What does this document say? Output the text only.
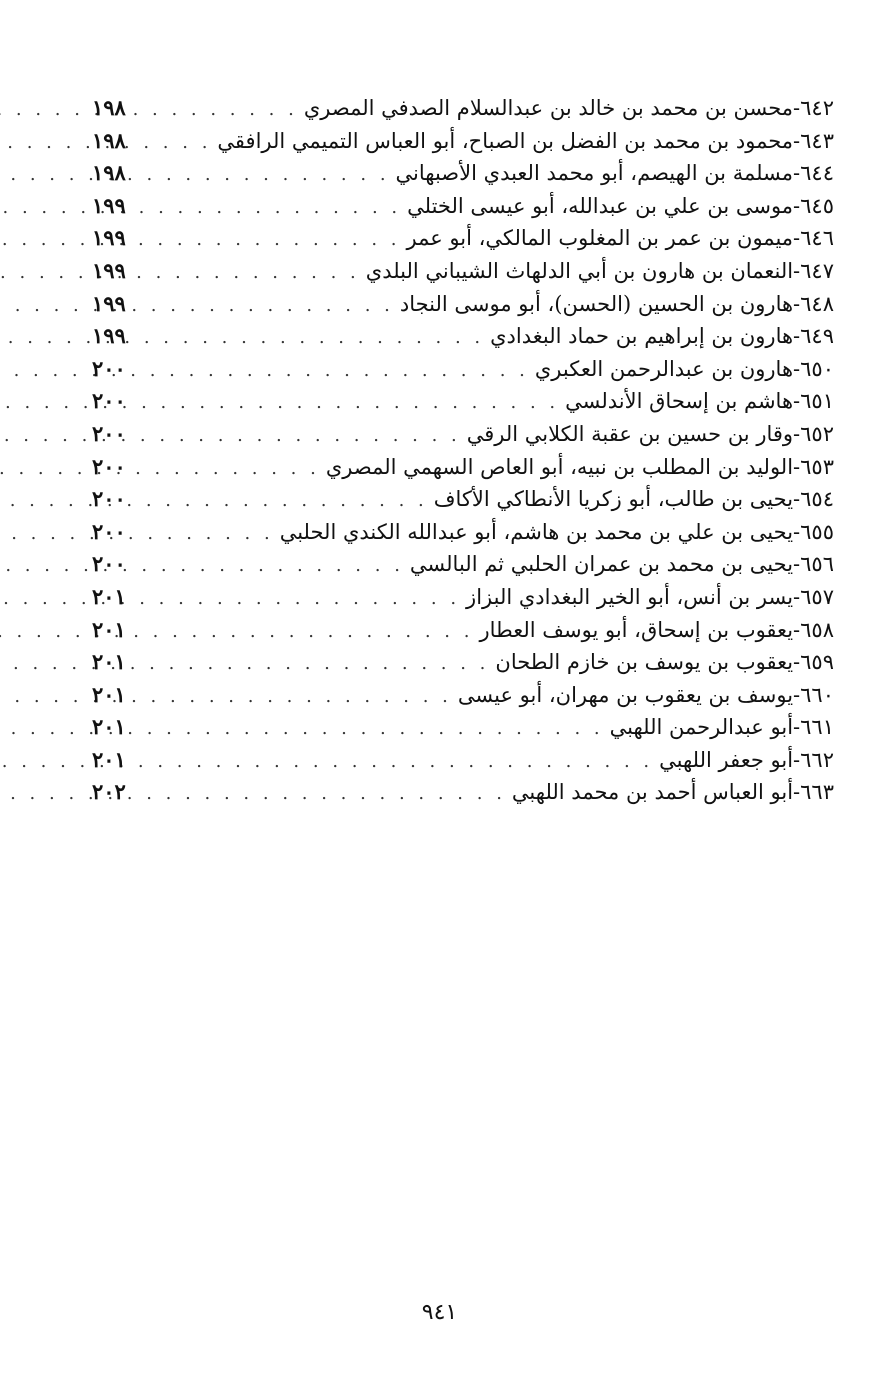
٦٤٢-
محسن بن محمد بن خالد بن عبدالسلام الصدفي المصري
. . .
١٩٨
٦٤٣-
محمود بن محمد بن الفضل بن الصباح، أبو العباس التميمي الرافقي
. . .
١٩٨
٦٤٤-
مسلمة بن الهيصم، أبو محمد العبدي الأصبهاني
. . .
١٩٨
٦٤٥-
موسى بن علي بن عبدالله، أبو عيسى الختلي
. . .
١٩٩
٦٤٦-
ميمون بن عمر بن المغلوب المالكي، أبو عمر
. . .
١٩٩
٦٤٧-
النعمان بن هارون بن أبي الدلهاث الشيباني البلدي
. . .
١٩٩
٦٤٨-
هارون بن الحسين (الحسن)، أبو موسى النجاد
. . .
١٩٩
٦٤٩-
هارون بن إبراهيم بن حماد البغدادي
. . .
١٩٩
٦٥٠-
هارون بن عبدالرحمن العكبري
. . .
٢٠٠
٦٥١-
هاشم بن إسحاق الأندلسي
. . .
٢٠٠
٦٥٢-
وقار بن حسين بن عقبة الكلابي الرقي
. . .
٢٠٠
٦٥٣-
الوليد بن المطلب بن نبيه، أبو العاص السهمي المصري
. . .
٢٠٠
٦٥٤-
يحيى بن طالب، أبو زكريا الأنطاكي الأكاف
. . .
٢٠٠
٦٥٥-
يحيى بن علي بن محمد بن هاشم، أبو عبدالله الكندي الحلبي
. . .
٢٠٠
٦٥٦-
يحيى بن محمد بن عمران الحلبي ثم البالسي
. . .
٢٠٠
٦٥٧-
يسر بن أنس، أبو الخير البغدادي البزاز
. . .
٢٠١
٦٥٨-
يعقوب بن إسحاق، أبو يوسف العطار
. . .
٢٠١
٦٥٩-
يعقوب بن يوسف بن خازم الطحان
. . .
٢٠١
٦٦٠-
يوسف بن يعقوب بن مهران، أبو عيسى
. . .
٢٠١
٦٦١-
أبو عبدالرحمن اللهبي
. . .
٢٠١
٦٦٢-
أبو جعفر اللهبي
. . .
٢٠١
٦٦٣-
أبو العباس أحمد بن محمد اللهبي
. . .
٢٠٢
٩٤١
